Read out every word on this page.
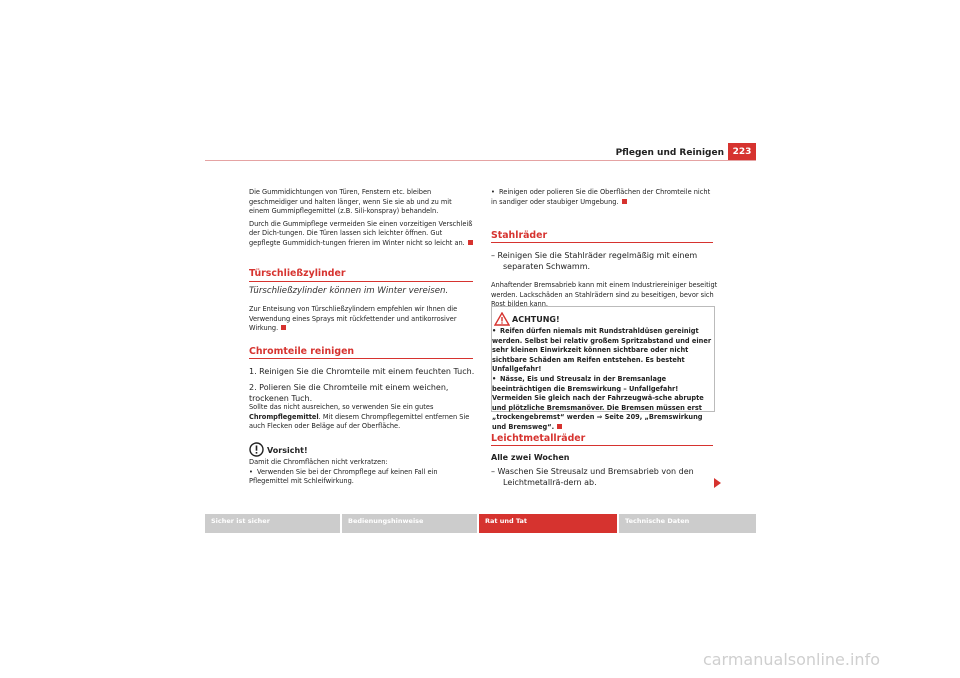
Pflegen und Reinigen 223

Die Gummidichtungen von Türen, Fenstern etc. bleiben geschmeidiger und halten länger, wenn Sie sie ab und zu mit einem Gummipflegemittel (z.B. Sili-konspray) behandeln.

Durch die Gummipflege vermeiden Sie einen vorzeitigen Verschleiß der Dich-tungen. Die Türen lassen sich leichter öffnen. Gut gepflegte Gummidich-tungen frieren im Winter nicht so leicht an.

Türschließzylinder
Türschließzylinder können im Winter vereisen.

Zur Enteisung von Türschließzylindern empfehlen wir Ihnen die Verwendung eines Sprays mit rückfettender und antikorrosiver Wirkung.

Chromteile reinigen
1. Reinigen Sie die Chromteile mit einem feuchten Tuch.
2. Polieren Sie die Chromteile mit einem weichen, trockenen Tuch.

Sollte das nicht ausreichen, so verwenden Sie ein gutes Chrompflegemittel. Mit diesem Chrompflegemittel entfernen Sie auch Flecken oder Beläge auf der Oberfläche.

Vorsicht!

Damit die Chromflächen nicht verkratzen:

• Verwenden Sie bei der Chrompflege auf keinen Fall ein Pflegemittel mit Schleifwirkung.

• Reinigen oder polieren Sie die Oberflächen der Chromteile nicht in sandiger oder staubiger Umgebung.

Stahlräder
– Reinigen Sie die Stahlräder regelmäßig mit einem separaten Schwamm.

Anhaftender Bremsabrieb kann mit einem Industriereiniger beseitigt werden. Lackschäden an Stahlrädern sind zu beseitigen, bevor sich Rost bilden kann.

ACHTUNG!

• Reifen dürfen niemals mit Rundstrahldüsen gereinigt werden. Selbst bei relativ großem Spritzabstand und einer sehr kleinen Einwirkzeit können sichtbare oder nicht sichtbare Schäden am Reifen entstehen. Es besteht Unfallgefahr!

• Nässe, Eis und Streusalz in der Bremsanlage beeinträchtigen die Bremswirkung – Unfallgefahr! Vermeiden Sie gleich nach der Fahrzeugwä-sche abrupte und plötzliche Bremsmanöver. Die Bremsen müssen erst „trockengebremst“ werden ⇒ Seite 209, „Bremswirkung und Bremsweg“.

Leichtmetallräder
Alle zwei Wochen
– Waschen Sie Streusalz und Bremsabrieb von den Leichtmetallrä-dern ab.
Sicher ist sicher	Bedienungshinweise	Rat und Tat	Technische Daten
carmanualsonline.info
